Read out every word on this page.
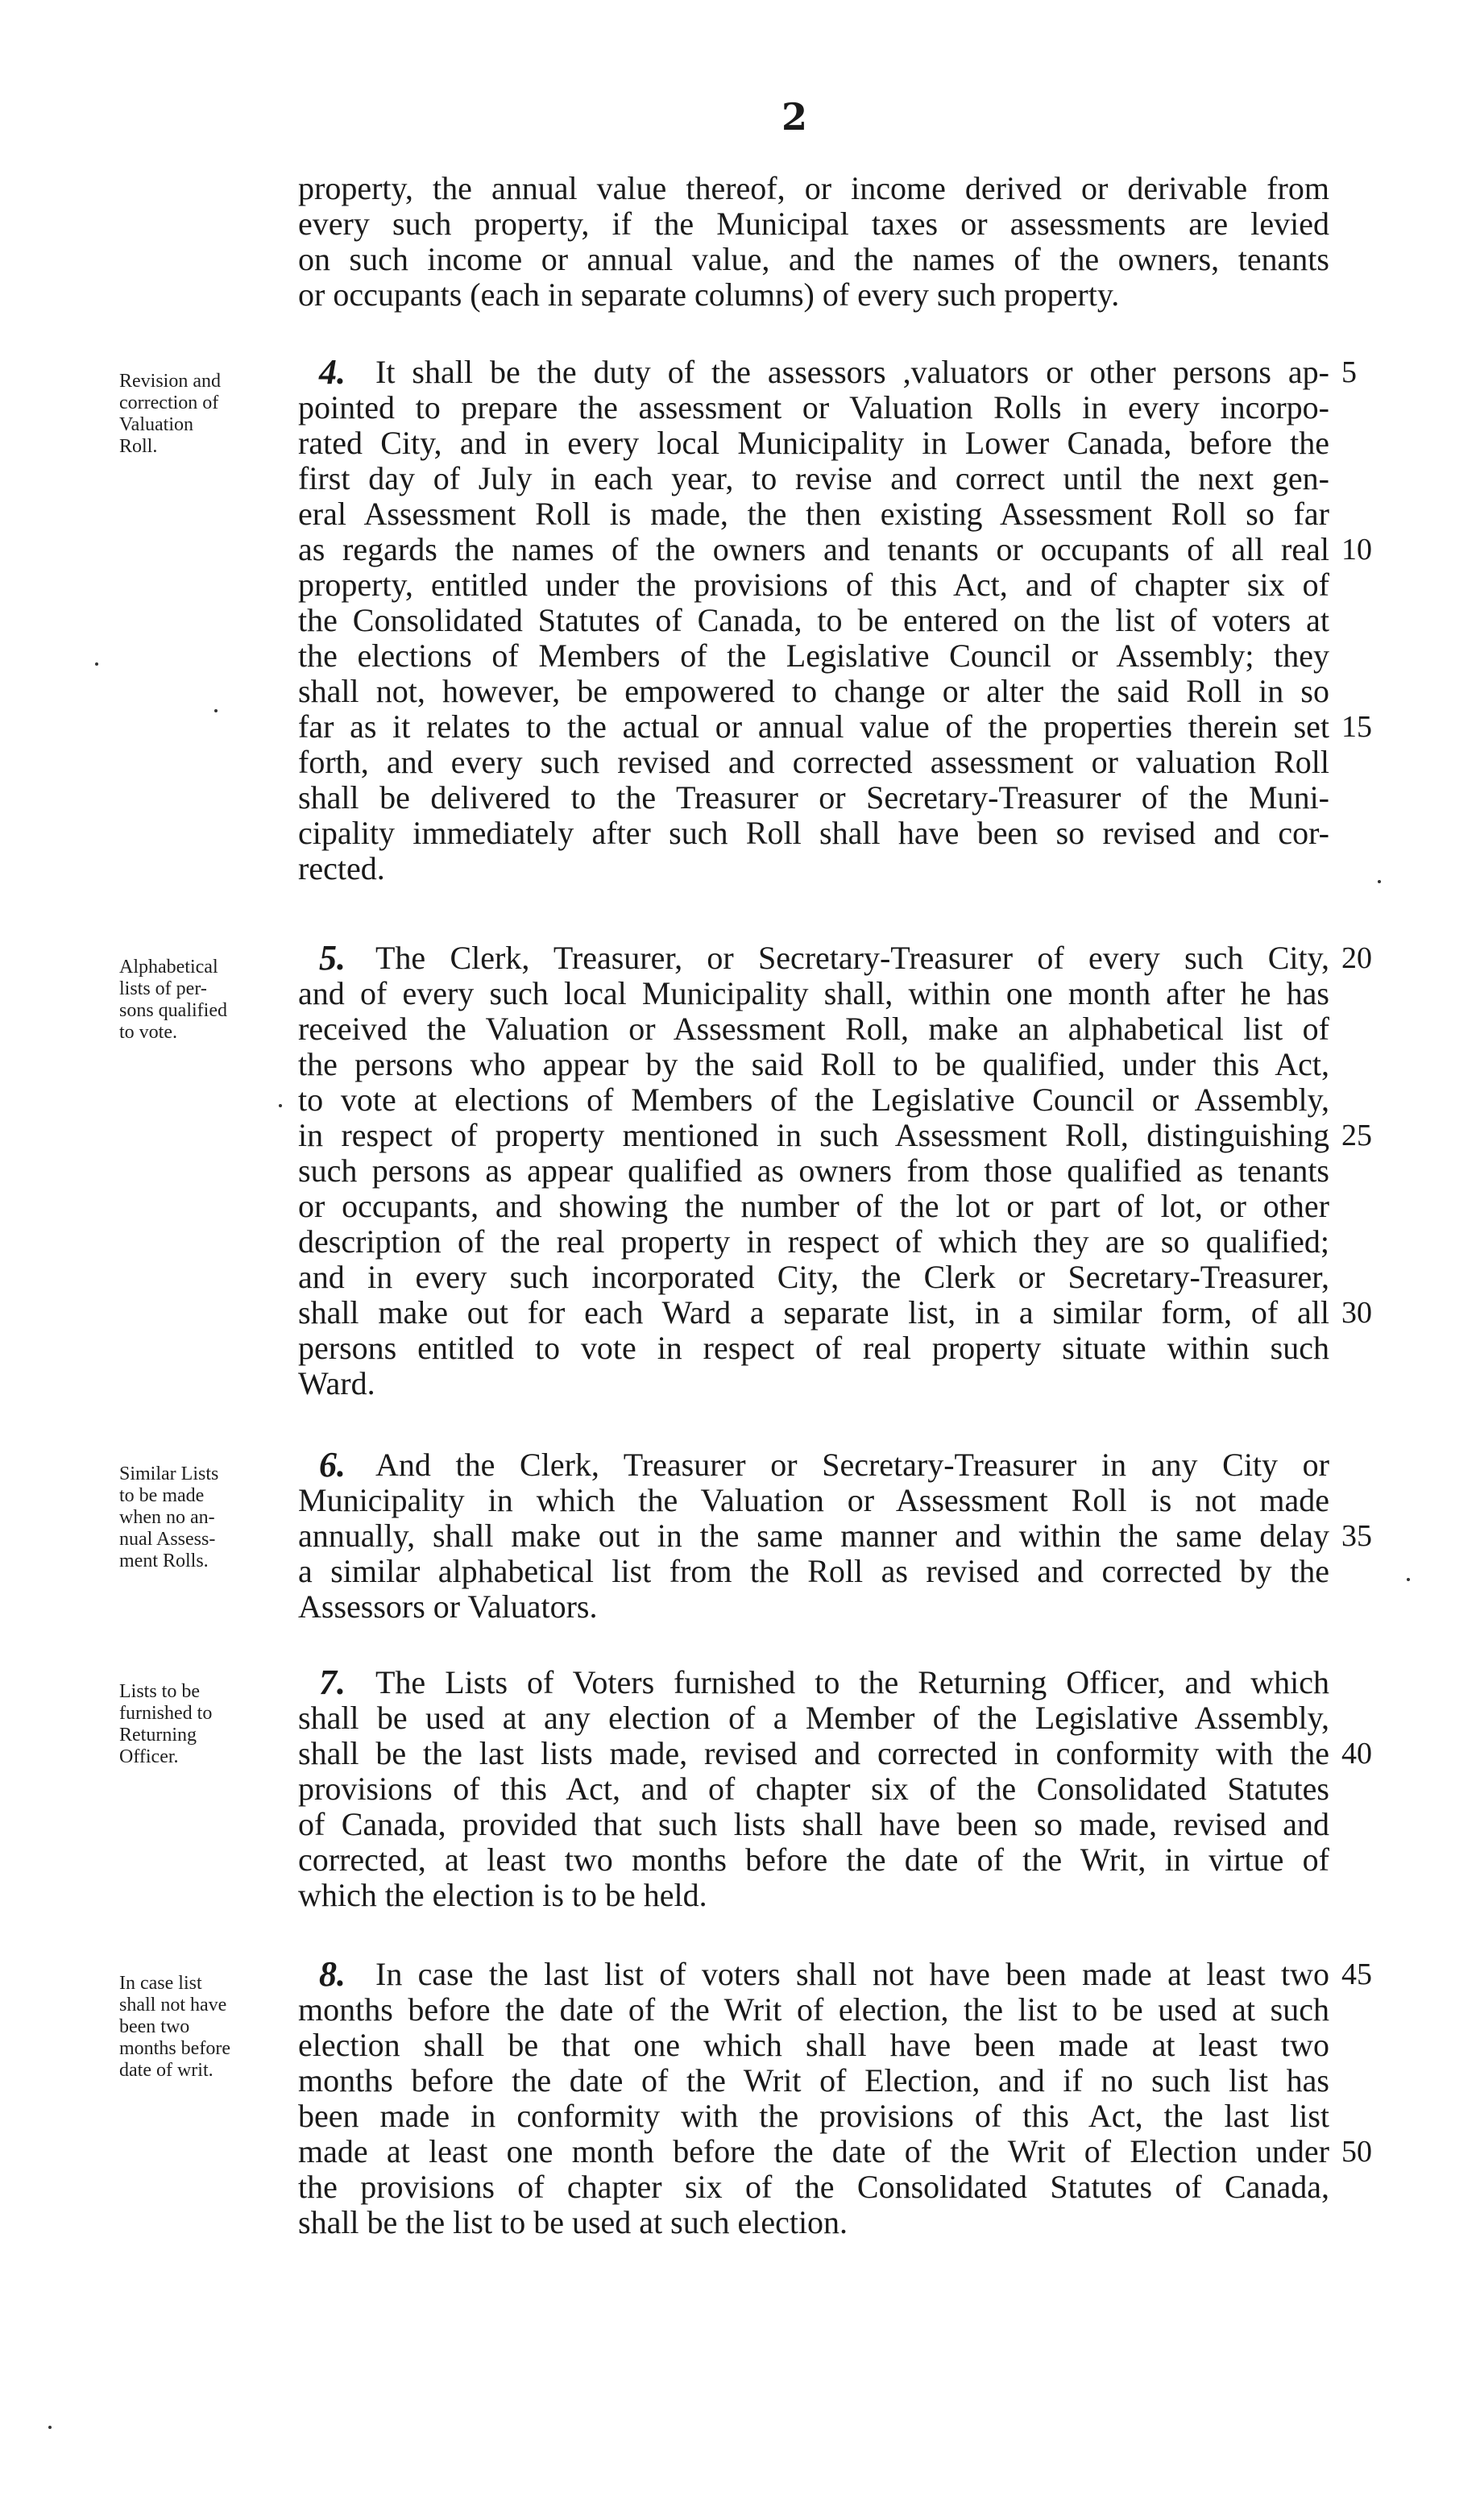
2
property, the annual value thereof, or income derived or derivable from
every such property, if the Municipal taxes or assessments are levied
on such income or annual value, and the names of the owners, tenants
or occupants (each in separate columns) of every such property.
Revision and
correction of
Valuation
Roll.
4. It shall be the duty of the assessors ,valuators or other persons ap-
pointed to prepare the assessment or Valuation Rolls in every incorpo-
rated City, and in every local Municipality in Lower Canada, before the
first day of July in each year, to revise and correct until the next gen-
eral Assessment Roll is made, the then existing Assessment Roll so far
as regards the names of the owners and tenants or occupants of all real
property, entitled under the provisions of this Act, and of chapter six of
the Consolidated Statutes of Canada, to be entered on the list of voters at
the elections of Members of the Legislative Council or Assembly; they
shall not, however, be empowered to change or alter the said Roll in so
far as it relates to the actual or annual value of the properties therein set
forth, and every such revised and corrected assessment or valuation Roll
shall be delivered to the Treasurer or Secretary-Treasurer of the Muni-
cipality immediately after such Roll shall have been so revised and cor-
rected.
5
10
15
Alphabetical
lists of per-
sons qualified
to vote.
5. The Clerk, Treasurer, or Secretary-Treasurer of every such City,
and of every such local Municipality shall, within one month after he has
received the Valuation or Assessment Roll, make an alphabetical list of
the persons who appear by the said Roll to be qualified, under this Act,
to vote at elections of Members of the Legislative Council or Assembly,
in respect of property mentioned in such Assessment Roll, distinguishing
such persons as appear qualified as owners from those qualified as tenants
or occupants, and showing the number of the lot or part of lot, or other
description of the real property in respect of which they are so qualified;
and in every such incorporated City, the Clerk or Secretary-Treasurer,
shall make out for each Ward a separate list, in a similar form, of all
persons entitled to vote in respect of real property situate within such
Ward.
20
25
30
Similar Lists
to be made
when no an-
nual Assess-
ment Rolls.
6. And the Clerk, Treasurer or Secretary-Treasurer in any City or
Municipality in which the Valuation or Assessment Roll is not made
annually, shall make out in the same manner and within the same delay
a similar alphabetical list from the Roll as revised and corrected by the
Assessors or Valuators.
35
Lists to be
furnished to
Returning
Officer.
7. The Lists of Voters furnished to the Returning Officer, and which
shall be used at any election of a Member of the Legislative Assembly,
shall be the last lists made, revised and corrected in conformity with the
provisions of this Act, and of chapter six of the Consolidated Statutes
of Canada, provided that such lists shall have been so made, revised and
corrected, at least two months before the date of the Writ, in virtue of
which the election is to be held.
40
In case list
shall not have
been two
months before
date of writ.
8. In case the last list of voters shall not have been made at least two
months before the date of the Writ of election, the list to be used at such
election shall be that one which shall have been made at least two
months before the date of the Writ of Election, and if no such list has
been made in conformity with the provisions of this Act, the last list
made at least one month before the date of the Writ of Election under
the provisions of chapter six of the Consolidated Statutes of Canada,
shall be the list to be used at such election.
45
50
